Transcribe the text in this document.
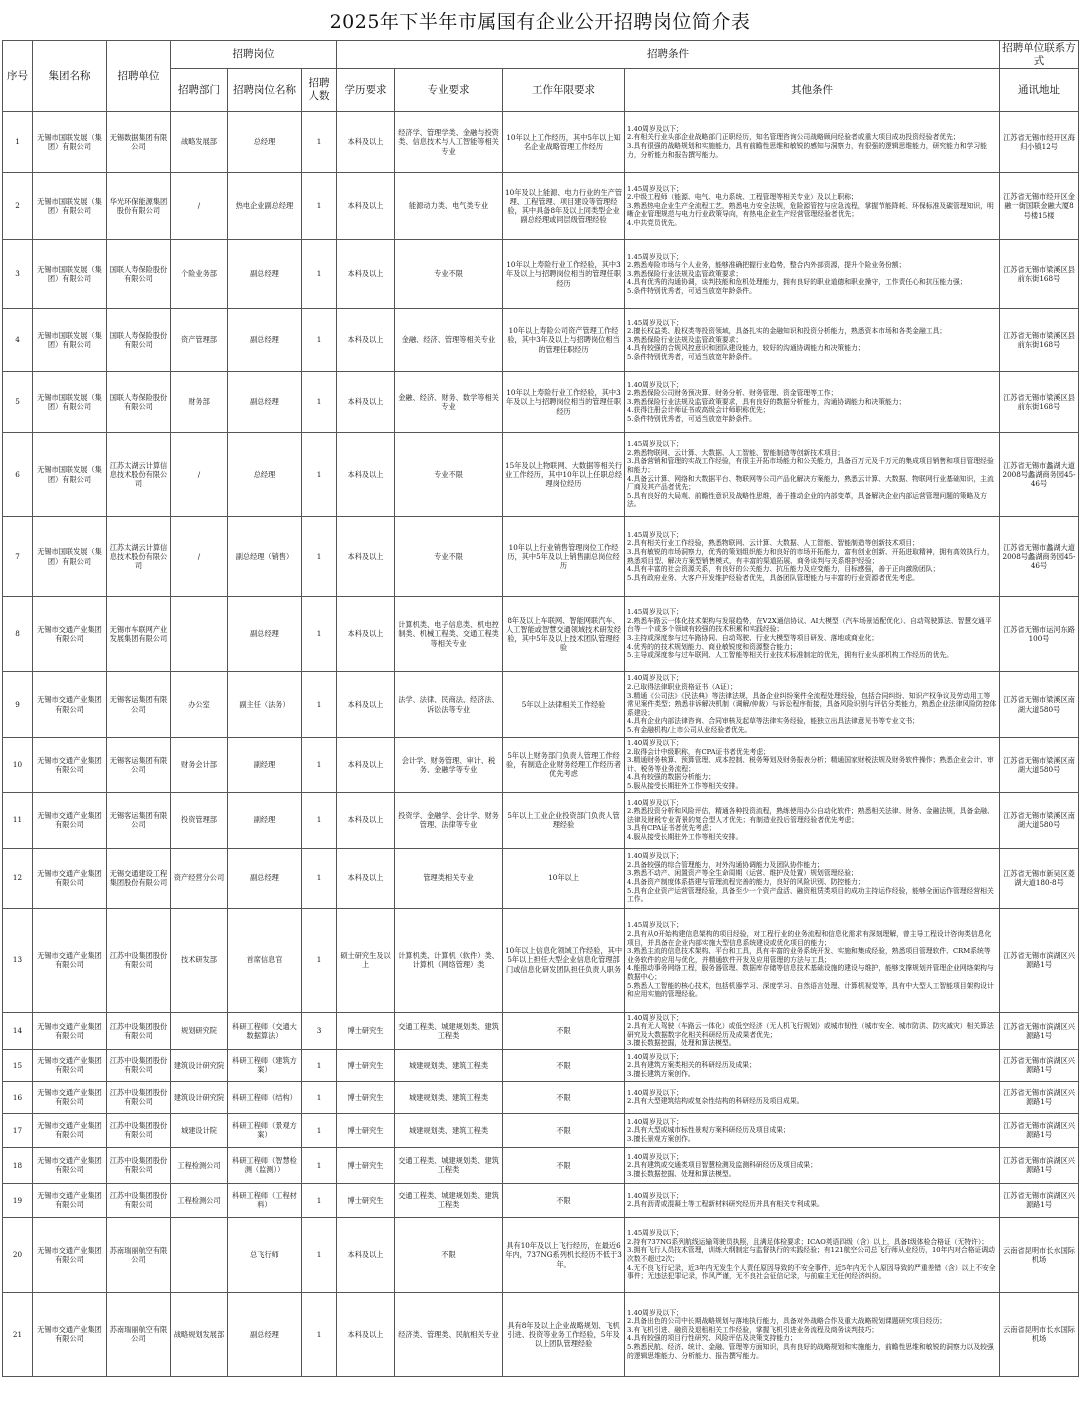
2025年下半年市属国有企业公开招聘岗位简介表
序号	集团名称	招聘单位	招聘岗位			招聘条件				招聘单位联系方式
			招聘部门	招聘岗位名称	招聘人数	学历要求	专业要求	工作年限要求	其他条件	通讯地址
1	无锡市国联发展（集团）有限公司	无锡数据集团有限公司	战略发展部	总经理	1	本科及以上	经济学、管理学类、金融与投资类、信息技术与人工智能等相关专业	10年以上工作经历，其中5年以上知名企业战略管理工作经历	1.40周岁及以下；
2.有相关行业头部企业战略部门正职经历，知名管理咨询公司战略顾问经验者或重大项目成功投资经验者优先；
3.具有很强的战略规划和实施能力，具有前瞻性思维和敏锐的感知与洞察力，有很强的逻辑思维能力，研究能力和学习能力，分析能力和报告撰写能力。	江苏省无锡市经开区海归小镇12号
2	无锡市国联发展（集团）有限公司	华光环保能源集团股份有限公司	/	热电企业副总经理	1	本科及以上	能源动力类、电气类专业	10年及以上能源、电力行业的生产管理、工程管理、项目建设等管理经验，其中具备8年及以上同类型企业副总经理或同层级管理经验	1.45周岁及以下；
2.中级工程师（能源、电气、电力系统、工程管理等相关专业）及以上职称；
3.熟悉热电企业生产全流程工艺，熟悉电力安全法规，危险源管控与应急流程，掌握节能降耗、环保标准及碳管理知识，明晰企业管理规范与电力行业政策导向，有热电企业生产经营管理经验者优先；
4.中共党员优先。	江苏省无锡市经开区金融一街国联金融大厦8号楼15楼
3	无锡市国联发展（集团）有限公司	国联人寿保险股份有限公司	个险业务部	副总经理	1	本科及以上	专业不限	10年以上寿险行业工作经验，其中3年及以上与招聘岗位相当的管理任职经历	1.45周岁及以下；
2.熟悉寿险市场与个人业务，能够准确把握行业趋势，整合内外部资源，提升个险业务份额；
3.熟悉保险行业法规及监管政策要求；
4.具有优秀的沟通协调，谈判技能和危机处理能力，拥有良好的职业道德和职业操守，工作责任心和抗压能力强；
5.条件特别优秀者，可适当放宽年龄条件。	江苏省无锡市梁溪区县前东街168号
4	无锡市国联发展（集团）有限公司	国联人寿保险股份有限公司	资产管理部	副总经理	1	本科及以上	金融、经济、管理等相关专业	10年以上寿险公司资产管理工作经验，其中3年及以上与招聘岗位相当的管理任职经历	1.45周岁及以下；
2.擅长权益类、股权类等投资领域，具备扎实的金融知识和投资分析能力，熟悉资本市场和各类金融工具；
3.熟悉保险行业法规及监管政策要求；
4.具有较强的合规风控意识和团队建设能力，较好的沟通协调能力和决策能力；
5.条件特别优秀者，可适当放宽年龄条件。	江苏省无锡市梁溪区县前东街168号
5	无锡市国联发展（集团）有限公司	国联人寿保险股份有限公司	财务部	副总经理	1	本科及以上	金融、经济、财务、数学等相关专业	10年以上寿险行业工作经验，其中3年及以上与招聘岗位相当的管理任职经历	1.40周岁及以下；
2.熟悉保险公司财务预决算、财务分析、财务管理、资金管理等工作；
3.熟悉保险行业法规及监管政策要求，具有良好的数据分析能力，沟通协调能力和决策能力；
4.获得注册会计师证书或高级会计师职称优先；
5.条件特别优秀者，可适当放宽年龄条件。	江苏省无锡市梁溪区县前东街168号
6	无锡市国联发展（集团）有限公司	江苏太湖云计算信息技术股份有限公司	/	总经理	1	本科及以上	专业不限	15年及以上物联网、大数据等相关行业工作经历，其中10年以上任职总经理岗位经历	1.45周岁及以下；
2.熟悉物联网、云计算、大数据、人工智能、智能制造等创新技术项目；
3.具备营销和管理的实战工作经验，有很主开拓市场能力和公关能力，具备百万元及千万元的集成项目销售和项目管理经验和能力；
4.具备云计算、网络和大数据平台、物联网等公司产品化解决方案能力，熟悉云计算、大数据、物联网行业基础知识，主流厂商及其产品者优先；
5.具有良好的大局观、前瞻性意识及战略性思维，善于推动企业的内部变革，具备解决企业内部运营管理问题的策略及方法。	江苏省无锡市蠡湖大道2008号蠡湖商务园45-46号
7	无锡市国联发展（集团）有限公司	江苏太湖云计算信息技术股份有限公司	/	副总经理（销售）	1	本科及以上	专业不限	10年以上行业销售管理岗位工作经历，其中5年及以上销售副总岗位经历	1.45周岁及以下；
2.具有相关行业工作经验，熟悉物联网、云计算、大数据、人工智能、智能制造等创新技术项目；
3.具有敏锐的市场洞察力，优秀的策划组织能力和良好的市场开拓能力，富有创业创新、开拓进取精神，拥有高效执行力，熟悉项目型、解决方案型销售模式，有丰富的渠道拓展、商务谈判与关系维护经验；
4.具有丰富的社会资源关系，有良好的公关能力、抗压能力及应变能力，目标感强，善于正向激励团队；
5.具有政府业务、大客户开发维护经验者优先，具备团队管理能力与丰富的行业资源者优先考虑。	江苏省无锡市蠡湖大道2008号蠡湖商务园45-46号
8	无锡市交通产业集团有限公司	无锡市车联网产业发展集团有限公司		副总经理	1	本科及以上	计算机类、电子信息类、机电控制类、机械工程类、交通工程类等相关专业	8年及以上车联网、智能网联汽车、人工智能或智慧交通领域技术研发经验，其中5年及以上技术团队管理经验	1.45周岁及以下；
2.熟悉车路云一体化技术架构与发展趋势，在V2X通信协议、AI大模型（汽车场景适配优化）、自动驾驶算法、智慧交通平台等一个或多个领域有较强的技术积累和实践经验；
3.主持或深度参与过车路协同、自动驾驶、行业大模型等项目研发、落地或商业化；
4.优秀的的技术规划能力、商业敏锐度和资源整合能力；
5.主导或深度参与过车联网、人工智能等相关行业技术标准制定的优先，拥有行业头部机构工作经历的优先。	江苏省无锡市运河东路100号
9	无锡市交通产业集团有限公司	无锡客运集团有限公司	办公室	副主任（法务）	1	本科及以上	法学、法律、民商法、经济法、诉讼法等专业	5年以上法律相关工作经验	1.40周岁及以下；
2.已取得法律职业资格证书（A证）；
3.精通《公司法》《民法典》等法律法规，具备企业纠纷案件全流程处理经验，包括合同纠纷、知识产权争议及劳动用工等常见案件类型；熟悉非诉解决机制（调解/仲裁）与诉讼程序衔接，具备风险识别与评估分类能力，熟悉企业法律风险防控体系建设；
4.具有企业内部法律咨询、合同审核及起草等法律实务经验，能独立出具法律意见书等专业文书；
5.有金融机构/上市公司从业经验者优先。	江苏省无锡市梁溪区南湖大道580号
10	无锡市交通产业集团有限公司	无锡客运集团有限公司	财务会计部	副经理	1	本科及以上	会计学、财务管理、审计、税务、金融学等专业	5年以上财务部门负责人管理工作经验，有制造企业财务经理工作经历者优先考虑	1.40周岁及以下；
2.取得会计中级职称，有CPA证书者优先考虑；
3.精通财务核算、预算管理、成本控制、税务筹划及财务报表分析；精通国家财税法规及财务软件操作；熟悉企业会计、审计、税务等业务流程；
4.具有较强的数据分析能力；
5.服从接受长期驻外工作等相关安排。	江苏省无锡市梁溪区南湖大道580号
11	无锡市交通产业集团有限公司	无锡客运集团有限公司	投资管理部	副经理	1	本科及以上	投资学、金融学、会计学、财务管理、法律等专业	5年以上工业企业投资部门负责人管理经验	1.40周岁及以下；
2.熟悉投资分析和风险评估，精通各种投资流程，熟练使用办公自动化软件；熟悉相关法律、财务、金融法规，具备金融、法律及财税专业背景的复合型人才优先；有制造业投后管理经验者优先考虑；
3.具有CPA证书者优先考虑；
4.服从接受长期驻外工作等相关安排。	江苏省无锡市梁溪区南湖大道580号
12	无锡市交通产业集团有限公司	无锡交通建设工程集团股份有限公司	资产经营分公司	副总经理	1	本科及以上	管理类相关专业	10年以上	1.40周岁及以下；
2.具备较强的综合管理能力，对外沟通协调能力及团队协作能力；
3.熟悉不动产、闲置资产等全生命周期（运营、维护及处置）规划管理经验；
4.具备资产制度体系搭建与管理流程完善的能力，良好的风险识别、防控能力；
5.具有企业资产运营管理经验，具备至少一个资产盘活、融资租赁类项目的成功主持运作经验，能够全面运作管理经营相关工作。	江苏省无锡市新吴区菱湖大道180-8号
13	无锡市交通产业集团有限公司	江苏中设集团股份有限公司	技术研发部	首席信息官	1	硕士研究生及以上	计算机类、计算机（软件）类、计算机（网络管理）类	10年以上信息化领域工作经验，其中5年以上担任大型企业信息化管理部门或信息化研发团队担任负责人职务	1.45周岁及以下；
2.具有从0开始构建信息架构的项目经验，对工程行业的业务流程和信息化需求有深刻理解，曾主导工程设计咨询类信息化项目，并具备在企业内部实施大型信息系统建设或优化项目的能力；
3.熟悉主流的信息技术架构、平台和工具，具有丰富的业务系统开发、实施和集成经验，熟悉项目管理软件、CRM系统等业务软件的应用与优化，并精通软件开发及应用管理的方法与工具；
4.能推动事务网络工程，服务器管理、数据库存储等信息技术基础设施的建设与维护，能够支撑规划并管理企业网络架构与数据中心；
5.熟悉人工智能的核心技术，包括机器学习、深度学习、自然语言处理、计算机视觉等，具有中大型人工智能项目架构设计和应用实施的管理经验。	江苏省无锡市滨湖区兴源路1号
14	无锡市交通产业集团有限公司	江苏中设集团股份有限公司	规划研究院	科研工程师（交通大数据算法）	3	博士研究生	交通工程类、城建规划类、建筑工程类	不限	1.40周岁及以下；
2.具有无人驾驶（车路云一体化）或低空经济（无人机飞行规划）或城市韧性（城市安全、城市防洪、防灾减灾）相关算法研究及大数据数字化相关科研经历及成果者优先；
3.擅长数据挖掘，处理和算法模型。	江苏省无锡市滨湖区兴源路1号
15	无锡市交通产业集团有限公司	江苏中设集团股份有限公司	建筑设计研究院	科研工程师（建筑方案）	1	博士研究生	城建规划类、建筑工程类	不限	1.40周岁及以下；
2.具有建筑方案类相关的科研经历及成果；
3.擅长建筑方案创作。	江苏省无锡市滨湖区兴源路1号
16	无锡市交通产业集团有限公司	江苏中设集团股份有限公司	建筑设计研究院	科研工程师（结构）	1	博士研究生	城建规划类、建筑工程类	不限	1.40周岁及以下；
2.具有大型建筑结构或复杂性结构的科研经历及项目成果。	江苏省无锡市滨湖区兴源路1号
17	无锡市交通产业集团有限公司	江苏中设集团股份有限公司	城建设计院	科研工程师（景观方案）	1	博士研究生	城建规划类、建筑工程类	不限	1.40周岁及以下；
2.具有大型或城市标性景观方案科研经历及项目成果；
3.擅长景观方案创作。	江苏省无锡市滨湖区兴源路1号
18	无锡市交通产业集团有限公司	江苏中设集团股份有限公司	工程检测公司	科研工程师（智慧检测（监测））	1	博士研究生	交通工程类、城建规划类、建筑工程类	不限	1.40周岁及以下；
2.具有建筑或交通类项目智慧检测及监测科研经历及项目成果；
3.擅长数据挖掘、处理和算法模型。	江苏省无锡市滨湖区兴源路1号
19	无锡市交通产业集团有限公司	江苏中设集团股份有限公司	工程检测公司	科研工程师（工程材料）	1	博士研究生	交通工程类、城建规划类、建筑工程类	不限	1.40周岁及以下；
2.具有沥青或混凝土等工程新材料研究经历并具有相关专利成果。	江苏省无锡市滨湖区兴源路1号
20	无锡市交通产业集团有限公司	苏南瑞丽航空有限公司		总飞行师	1	本科及以上	不限	具有10年及以上飞行经历，在最近6年内，737NG系列机长经历不低于3年。	1.45周岁及以下；
2.持有737NG系列航线运输驾驶员执照，且满足体检要求；ICAO英语四级（含）以上，具备I级体检合格证（无特许）；
3.拥有飞行人员技术管理，训练大纲制定与监督执行的实践经验；有121航空公司总飞行师从业经历，10年内对合格证调动次数不超过2次；
4.无不良飞行记录，近3年内无发生个人责任原因导致的不安全事件，近5年内无个人原因导致的严重差错（含）以上不安全事件；无违法犯罪记录，作风严谨，无不良社会征信记录，与前雇主无任何经济纠纷。	云南省昆明市长水国际机场
21	无锡市交通产业集团有限公司	苏南瑞丽航空有限公司	战略规划发展部	副总经理	1	本科及以上	经济类、管理类、民航相关专业	具有8年及以上企业战略规划、飞机引进、投资等业务工作经验，5年及以上团队管理经验	1.40周岁及以下；
2.具备出色的公司中长期战略规划与落地执行能力，具备对外战略合作及重大战略规划课题研究项目经历；
3.有飞机引进、融资及退租相关工作经验，掌握飞机引进业务流程及商务谈判技巧；
4.具有较强的项目行性研究、风险评估及决策支持能力；
5.熟悉民航、经济、统计、金融、管理等方面知识，具有良好的战略规划和实施能力，前瞻性思维和敏锐的洞察力以及较强的逻辑思维能力、分析能力、报告撰写能力。	云南省昆明市长水国际机场
